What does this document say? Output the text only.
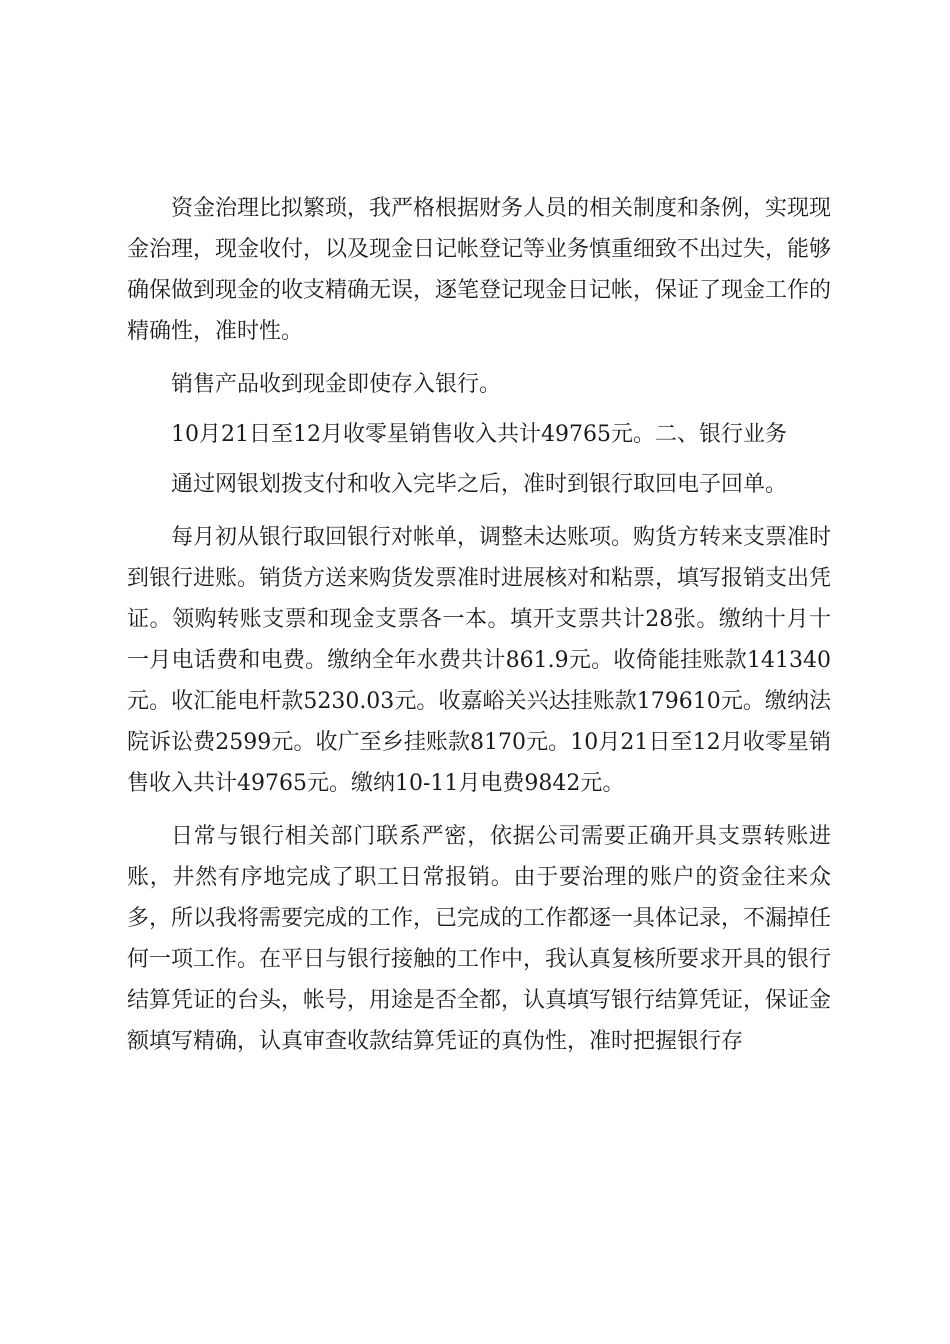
资金治理比拟繁琐，我严格根据财务人员的相关制度和条例，实现现金治理，现金收付，以及现金日记帐登记等业务慎重细致不出过失，能够确保做到现金的收支精确无误，逐笔登记现金日记帐，保证了现金工作的精确性，准时性。

销售产品收到现金即使存入银行。

10月21日至12月收零星销售收入共计49765元。二、银行业务

通过网银划拨支付和收入完毕之后，准时到银行取回电子回单。

每月初从银行取回银行对帐单，调整未达账项。购货方转来支票准时到银行进账。销货方送来购货发票准时进展核对和粘票，填写报销支出凭证。领购转账支票和现金支票各一本。填开支票共计28张。缴纳十月十一月电话费和电费。缴纳全年水费共计861.9元。收倚能挂账款141340元。收汇能电杆款5230.03元。收嘉峪关兴达挂账款179610元。缴纳法院诉讼费2599元。收广至乡挂账款8170元。10月21日至12月收零星销售收入共计49765元。缴纳10-11月电费9842元。

日常与银行相关部门联系严密，依据公司需要正确开具支票转账进账，井然有序地完成了职工日常报销。由于要治理的账户的资金往来众多，所以我将需要完成的工作，已完成的工作都逐一具体记录，不漏掉任何一项工作。在平日与银行接触的工作中，我认真复核所要求开具的银行结算凭证的台头，帐号，用途是否全都，认真填写银行结算凭证，保证金额填写精确，认真审查收款结算凭证的真伪性，准时把握银行存
